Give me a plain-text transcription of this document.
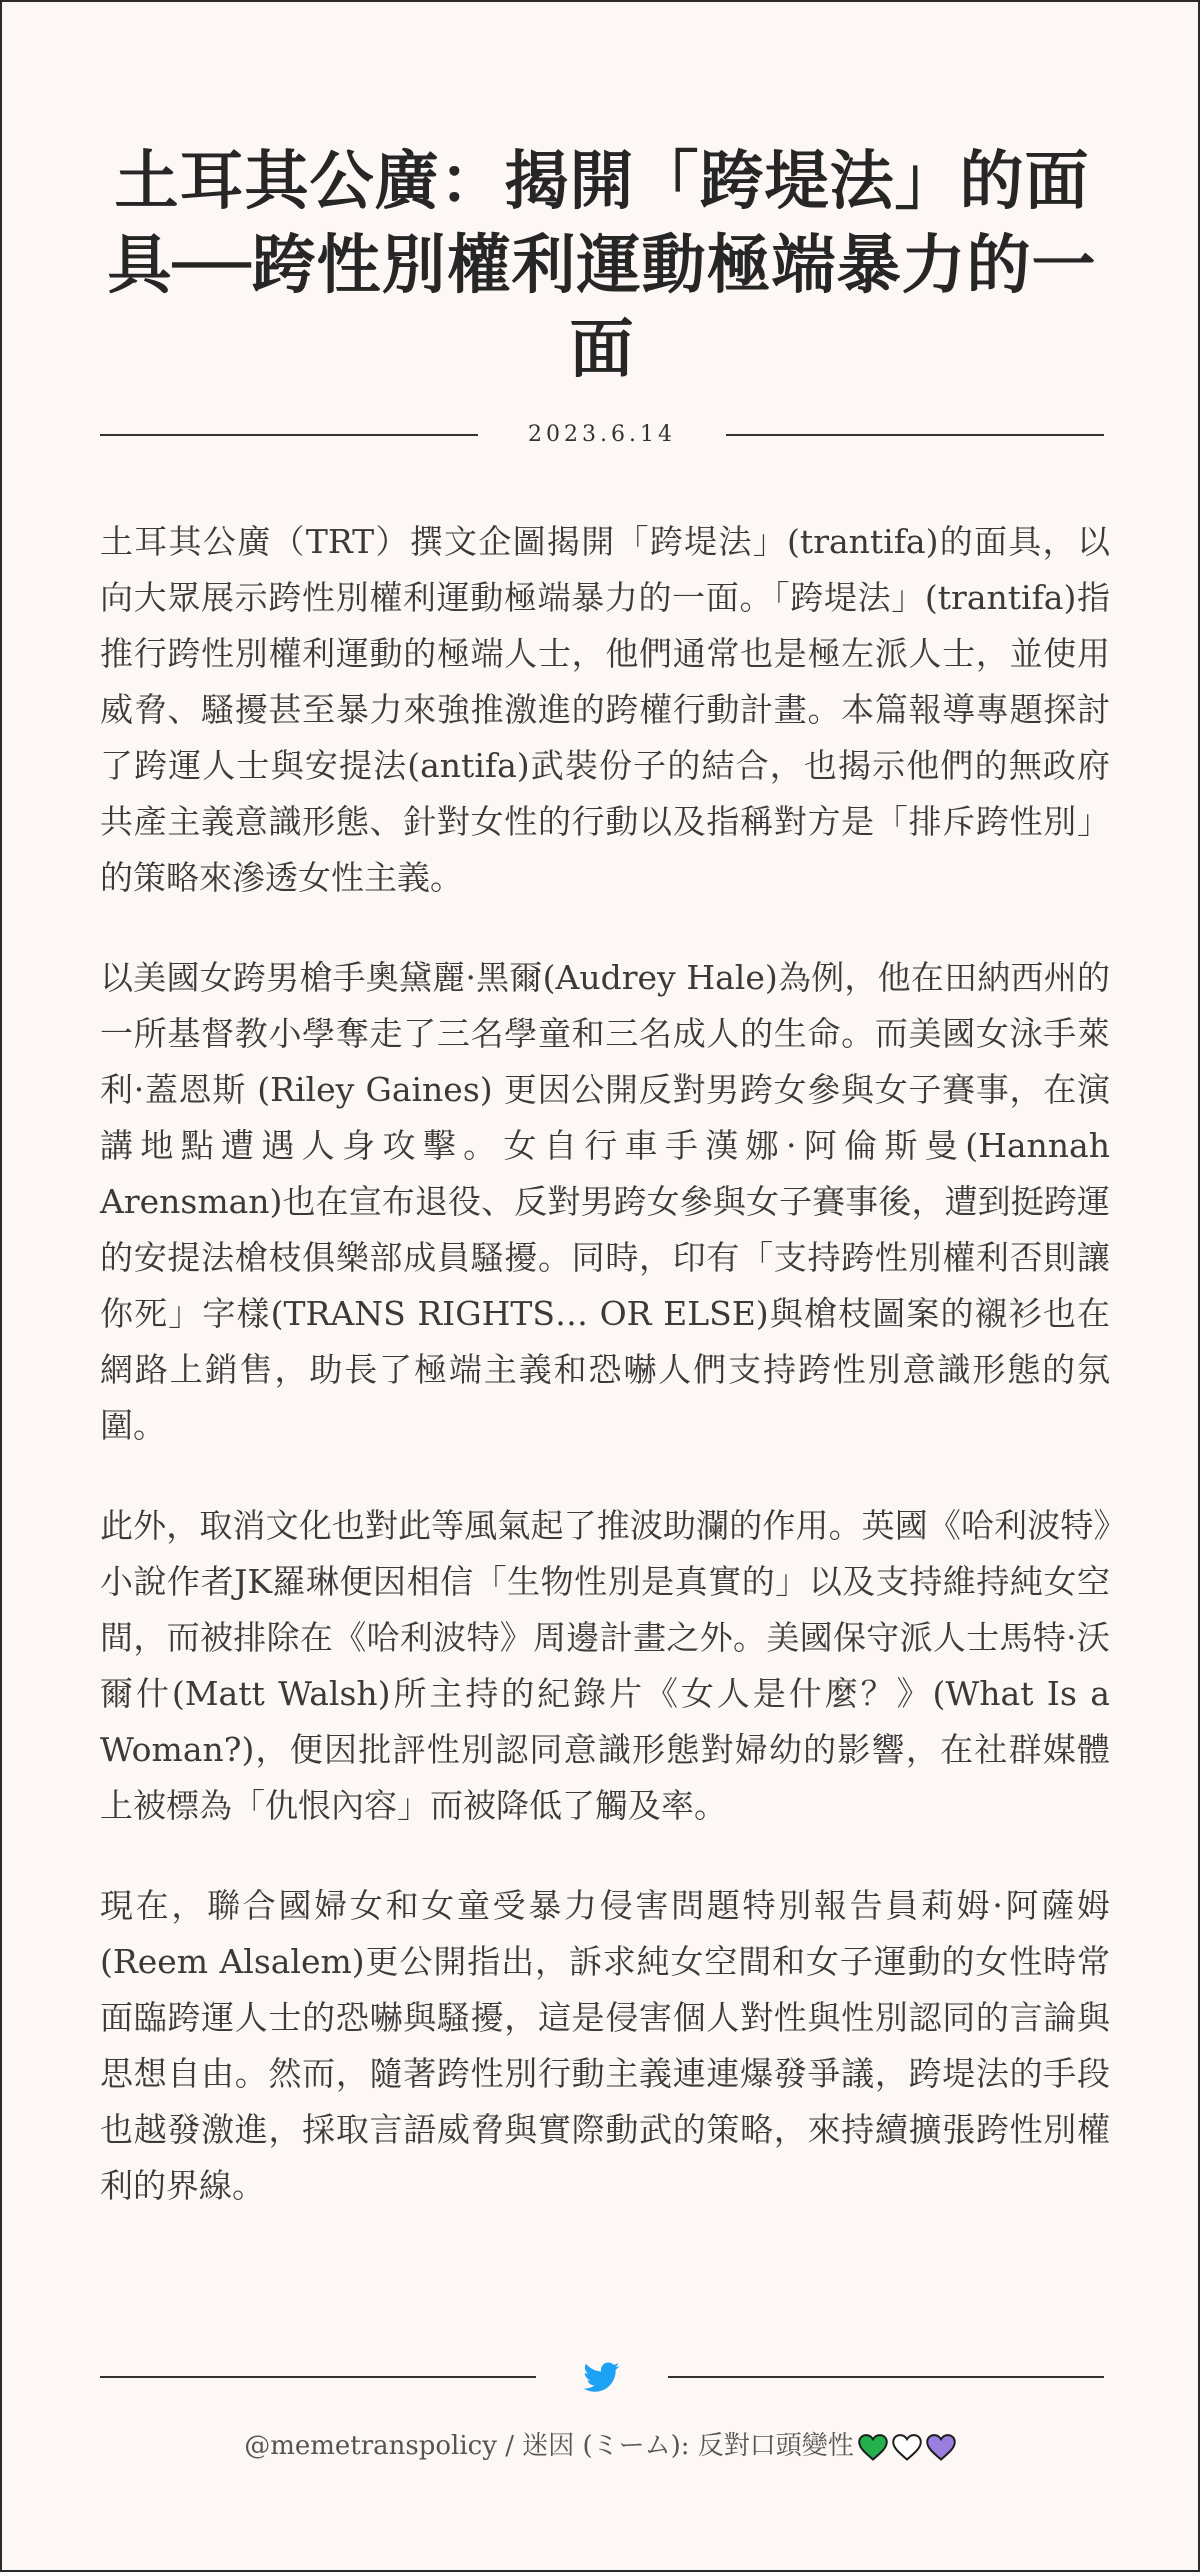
土耳其公廣：揭開「跨堤法」的面具──跨性別權利運動極端暴力的一面
2023.6.14

土耳其公廣（TRT）撰文企圖揭開「跨堤法」(trantifa)的面具，以向大眾展示跨性別權利運動極端暴力的一面。「跨堤法」(trantifa)指推行跨性別權利運動的極端人士，他們通常也是極左派人士，並使用威脅、騷擾甚至暴力來強推激進的跨權行動計畫。本篇報導專題探討了跨運人士與安提法(antifa)武裝份子的結合，也揭示他們的無政府共產主義意識形態、針對女性的行動以及指稱對方是「排斥跨性別」的策略來滲透女性主義。

以美國女跨男槍手奧黛麗·黑爾(Audrey Hale)為例，他在田納西州的一所基督教小學奪走了三名學童和三名成人的生命。而美國女泳手萊利·蓋恩斯 (Riley Gaines) 更因公開反對男跨女參與女子賽事，在演講地點遭遇人身攻擊。女自行車手漢娜·阿倫斯曼(Hannah Arensman)也在宣布退役、反對男跨女參與女子賽事後，遭到挺跨運的安提法槍枝俱樂部成員騷擾。同時，印有「支持跨性別權利否則讓你死」字樣(TRANS RIGHTS… OR ELSE)與槍枝圖案的襯衫也在網路上銷售，助長了極端主義和恐嚇人們支持跨性別意識形態的氛圍。

此外，取消文化也對此等風氣起了推波助瀾的作用。英國《哈利波特》小說作者JK羅琳便因相信「生物性別是真實的」以及支持維持純女空間，而被排除在《哈利波特》周邊計畫之外。美國保守派人士馬特·沃爾什(Matt Walsh)所主持的紀錄片《女人是什麼？》(What Is a Woman?)，便因批評性別認同意識形態對婦幼的影響，在社群媒體上被標為「仇恨內容」而被降低了觸及率。

現在，聯合國婦女和女童受暴力侵害問題特別報告員莉姆·阿薩姆(Reem Alsalem)更公開指出，訴求純女空間和女子運動的女性時常面臨跨運人士的恐嚇與騷擾，這是侵害個人對性與性別認同的言論與思想自由。然而，隨著跨性別行動主義連連爆發爭議，跨堤法的手段也越發激進，採取言語威脅與實際動武的策略，來持續擴張跨性別權利的界線。

@memetranspolicy / 迷因 (ミーム): 反對口頭變性
